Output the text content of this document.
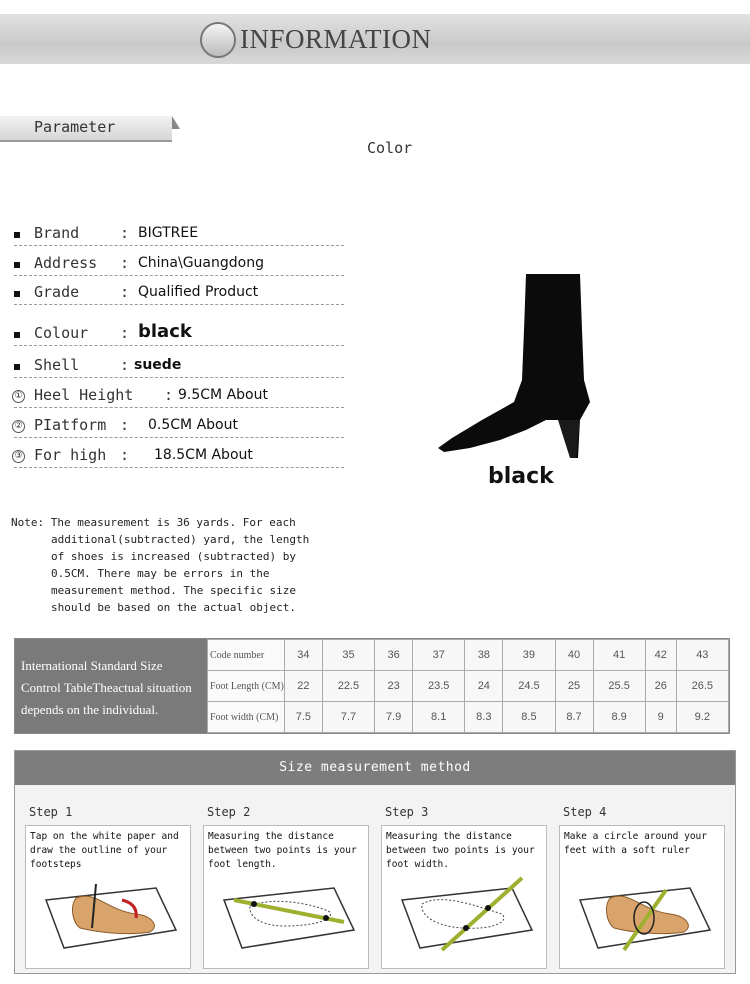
INFORMATION
Parameter
Color
Brand	: BIGTREE
Address : China\Guangdong
Grade	: Qualified Product
Colour : black
Shell	: suede
① Heel Height : 9.5CM About
② PIatform : 0.5CM About
③ For high : 18.5CM About
black
Note: The measurement is 36 yards. For each
additional(subtracted) yard, the length
of shoes is increased (subtracted) by
0.5CM. There may be errors in the
measurement method. The specific size
should be based on the actual object.
International Standard Size
Control TableTheactual situation
depends on the individual.
Code number	34	35	36	37	38	39	40	41	42	43
Foot Length (CM)	22	22.5	23	23.5	24	24.5	25	25.5	26	26.5
Foot width (CM)	7.5	7.7	7.9	8.1	8.3	8.5	8.7	8.9	9	9.2
Size measurement method
Step 1
Tap on the white paper and draw the outline of your footsteps
Step 2
Measuring the distance between two points is your foot length.
Step 3
Measuring the distance between two points is your foot width.
Step 4
Make a circle around your feet with a soft ruler
